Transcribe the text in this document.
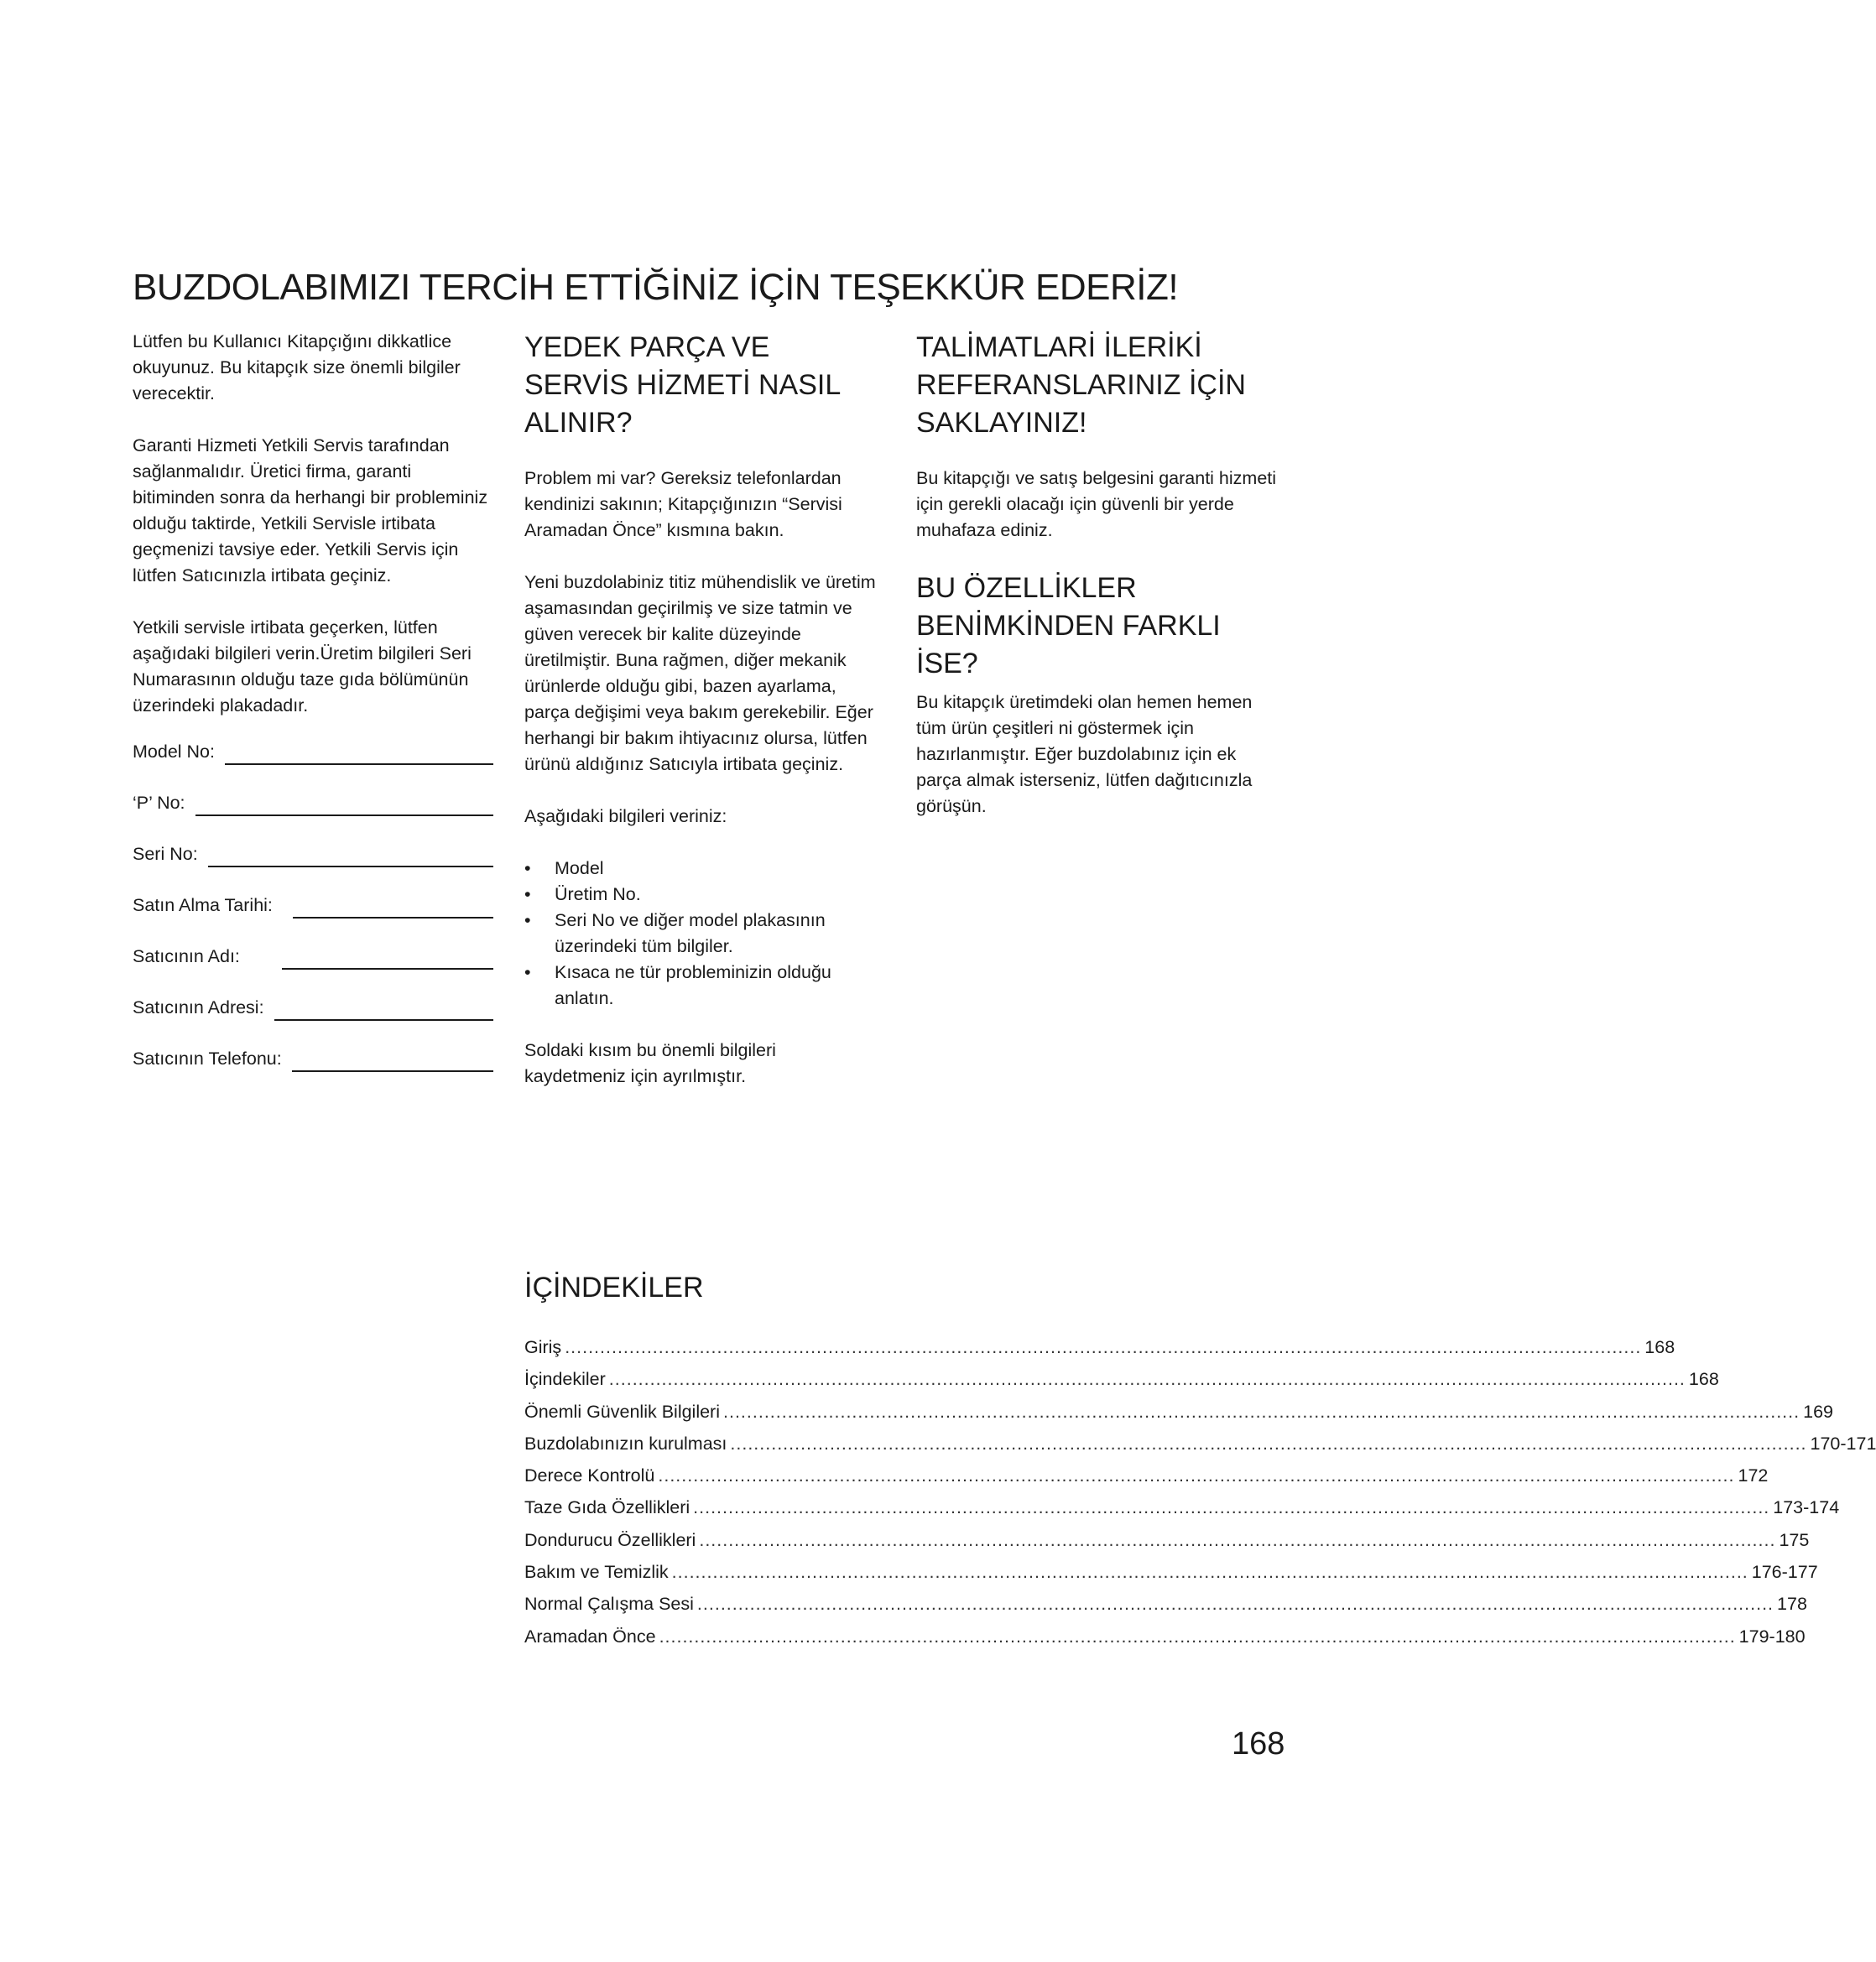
BUZDOLABIMIZI TERCİH ETTİĞİNİZ İÇİN TEŞEKKÜR EDERİZ!

Lütfen bu Kullanıcı Kitapçığını dikkatlice okuyunuz. Bu kitapçık size önemli bilgiler verecektir.

Garanti Hizmeti Yetkili Servis tarafından sağlanmalıdır. Üretici firma, garanti bitiminden sonra da herhangi bir probleminiz olduğu taktirde, Yetkili Servisle irtibata geçmenizi tavsiye eder. Yetkili Servis için lütfen Satıcınızla irtibata geçiniz.

Yetkili servisle irtibata geçerken, lütfen aşağıdaki bilgileri verin.Üretim bilgileri Seri Numarasının olduğu taze gıda bölümünün üzerindeki plakadadır.

Model No:
‘P’ No:
Seri No:
Satın Alma Tarihi:
Satıcının Adı:
Satıcının Adresi:
Satıcının Telefonu:
YEDEK PARÇA VE SERVİS HİZMETİ NASIL ALINIR?

Problem mi var? Gereksiz telefonlardan kendinizi sakının; Kitapçığınızın “Servisi Aramadan Önce” kısmına bakın.

Yeni buzdolabiniz titiz mühendislik ve üretim aşamasından geçirilmiş ve size tatmin ve güven verecek bir kalite düzeyinde üretilmiştir. Buna rağmen, diğer mekanik ürünlerde olduğu gibi, bazen ayarlama, parça değişimi veya bakım gerekebilir. Eğer herhangi bir bakım ihtiyacınız olursa, lütfen ürünü aldığınız Satıcıyla irtibata geçiniz.

Aşağıdaki bilgileri veriniz:

• Model
• Üretim No.
• Seri No ve diğer model plakasının üzerindeki tüm bilgiler.
• Kısaca ne tür probleminizin olduğu anlatın.

Soldaki kısım bu önemli bilgileri kaydetmeniz için ayrılmıştır.

TALİMATLARİ İLERİKİ REFERANSLARINIZ İÇİN SAKLAYINIZ!

Bu kitapçığı ve satış belgesini garanti hizmeti için gerekli olacağı için güvenli bir yerde muhafaza ediniz.

BU ÖZELLİKLER BENİMKİNDEN FARKLI İSE?

Bu kitapçık üretimdeki olan hemen hemen tüm ürün çeşitleri ni göstermek için hazırlanmıştır. Eğer buzdolabınız için ek parça almak isterseniz, lütfen dağıtıcınızla görüşün.

İÇİNDEKİLER
Giriş ........................................................................................................................................................................................ 168
İçindekiler ........................................................................................................................................................................................ 168
Önemli Güvenlik Bilgileri ........................................................................................................................................................................................ 169
Buzdolabınızın kurulması ........................................................................................................................................................................................ 170-171
Derece Kontrolü ........................................................................................................................................................................................ 172
Taze Gıda Özellikleri ........................................................................................................................................................................................ 173-174
Dondurucu Özellikleri ........................................................................................................................................................................................ 175
Bakım ve Temizlik ........................................................................................................................................................................................ 176-177
Normal Çalışma Sesi ........................................................................................................................................................................................ 178
Aramadan Önce ........................................................................................................................................................................................ 179-180
168
